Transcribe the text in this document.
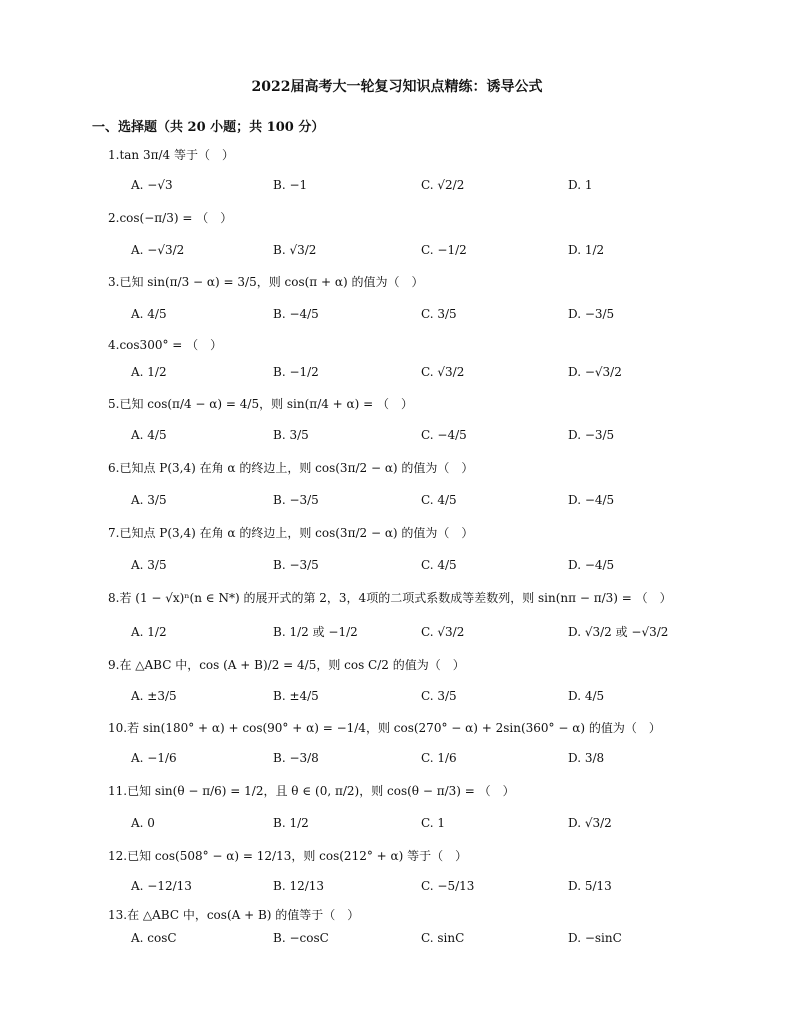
2022届高考大一轮复习知识点精练：诱导公式
一、选择题（共 20 小题；共 100 分）
1.tan 3π/4 等于（　）
A. −√3	B. −1	C. √2/2	D. 1
2.cos(−π/3) = （　）
A. −√3/2	B. √3/2	C. −1/2	D. 1/2
3.已知 sin(π/3 − α) = 3/5，则 cos(π + α) 的值为（　）
A. 4/5	B. −4/5	C. 3/5	D. −3/5
4.cos300° = （　）
A. 1/2	B. −1/2	C. √3/2	D. −√3/2
5.已知 cos(π/4 − α) = 4/5，则 sin(π/4 + α) = （　）
A. 4/5	B. 3/5	C. −4/5	D. −3/5
6.已知点 P(3,4) 在角 α 的终边上，则 cos(3π/2 − α) 的值为（　）
A. 3/5	B. −3/5	C. 4/5	D. −4/5
7.已知点 P(3,4) 在角 α 的终边上，则 cos(3π/2 − α) 的值为（　）
A. 3/5	B. −3/5	C. 4/5	D. −4/5
8.若 (1 − √x)ⁿ(n ∈ N*) 的展开式的第 2，3，4项的二项式系数成等差数列，则 sin(nπ − π/3) = （　）
A. 1/2	B. 1/2 或 −1/2	C. √3/2	D. √3/2 或 −√3/2
9.在 △ABC 中，cos (A + B)/2 = 4/5，则 cos C/2 的值为（　）
A. ±3/5	B. ±4/5	C. 3/5	D. 4/5
10.若 sin(180° + α) + cos(90° + α) = −1/4，则 cos(270° − α) + 2sin(360° − α) 的值为（　）
A. −1/6	B. −3/8	C. 1/6	D. 3/8
11.已知 sin(θ − π/6) = 1/2，且 θ ∈ (0, π/2)，则 cos(θ − π/3) = （　）
A. 0	B. 1/2	C. 1	D. √3/2
12.已知 cos(508° − α) = 12/13，则 cos(212° + α) 等于（　）
A. −12/13	B. 12/13	C. −5/13	D. 5/13
13.在 △ABC 中，cos(A + B) 的值等于（　）
A. cosC	B. −cosC	C. sinC	D. −sinC
